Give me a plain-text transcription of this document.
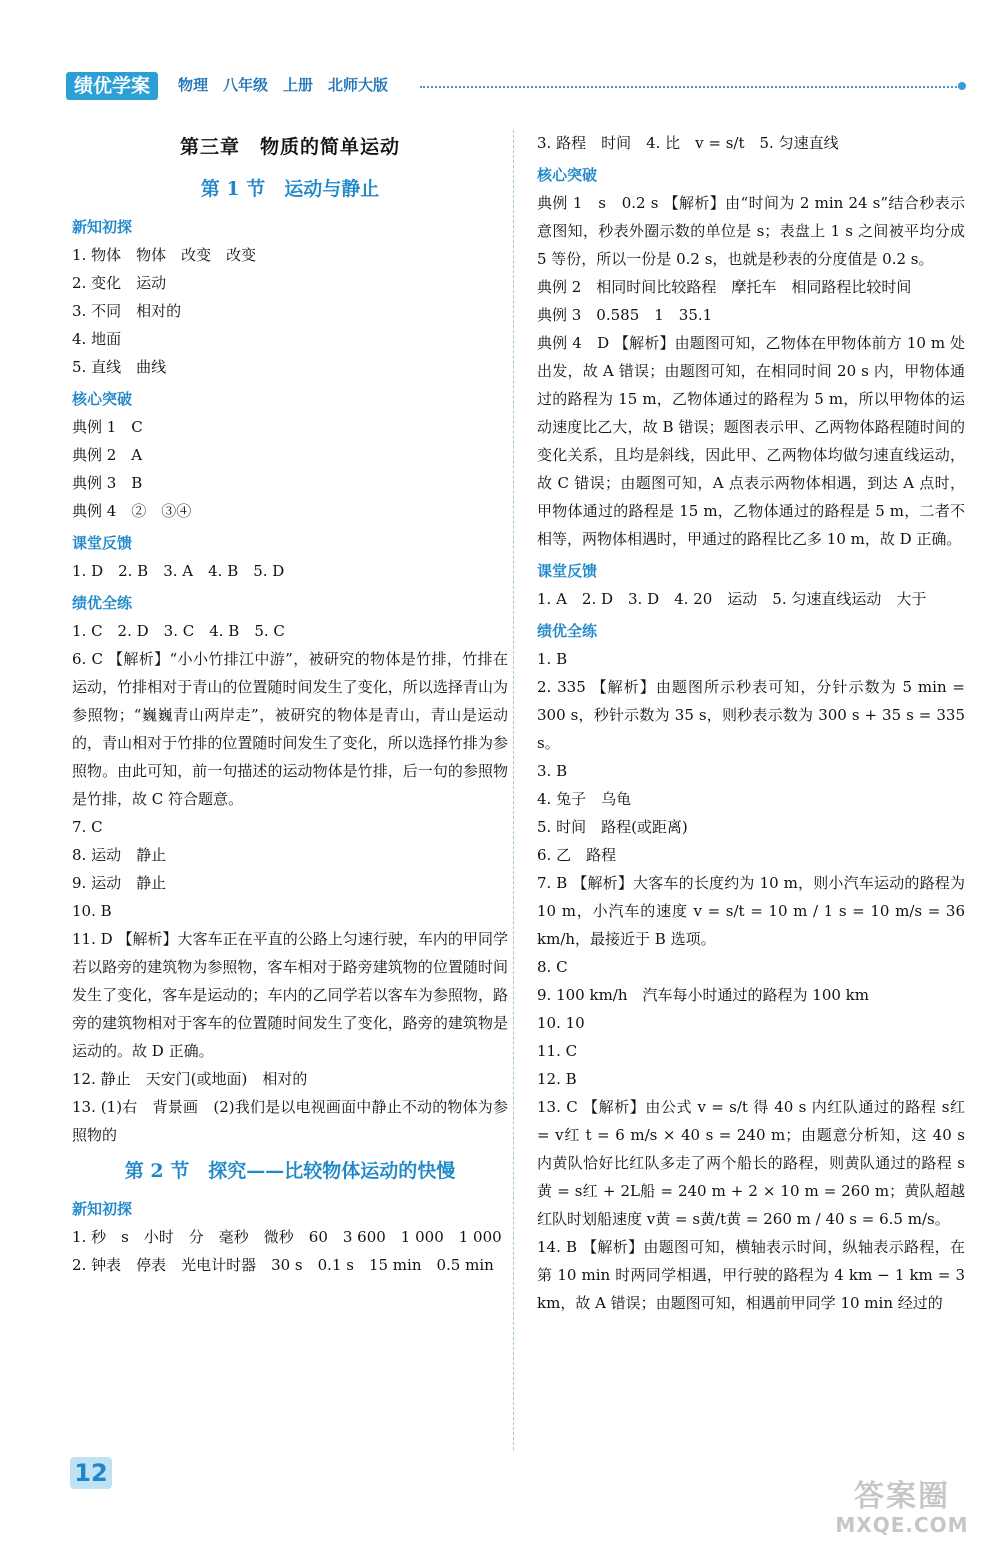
绩优学案	物理　八年级　上册　北师大版
第三章　物质的简单运动
第 1 节　运动与静止
新知初探

1. 物体　物体　改变　改变

2. 变化　运动

3. 不同　相对的

4. 地面

5. 直线　曲线

核心突破

典例 1　C

典例 2　A

典例 3　B

典例 4　②　③④

课堂反馈

1. D　2. B　3. A　4. B　5. D

绩优全练

1. C　2. D　3. C　4. B　5. C

6. C 【解析】“小小竹排江中游”，被研究的物体是竹排，竹排在运动，竹排相对于青山的位置随时间发生了变化，所以选择青山为参照物；“巍巍青山两岸走”，被研究的物体是青山，青山是运动的，青山相对于竹排的位置随时间发生了变化，所以选择竹排为参照物。由此可知，前一句描述的运动物体是竹排，后一句的参照物是竹排，故 C 符合题意。

7. C

8. 运动　静止

9. 运动　静止

10. B

11. D 【解析】大客车正在平直的公路上匀速行驶，车内的甲同学若以路旁的建筑物为参照物，客车相对于路旁建筑物的位置随时间发生了变化，客车是运动的；车内的乙同学若以客车为参照物，路旁的建筑物相对于客车的位置随时间发生了变化，路旁的建筑物是运动的。故 D 正确。

12. 静止　天安门(或地面)　相对的

13. (1)右　背景画　(2)我们是以电视画面中静止不动的物体为参照物的

第 2 节　探究——比较物体运动的快慢
新知初探

1. 秒　s　小时　分　毫秒　微秒　60　3 600　1 000　1 000

2. 钟表　停表　光电计时器　30 s　0.1 s　15 min　0.5 min

3. 路程　时间　4. 比　v = s/t　5. 匀速直线

核心突破

典例 1　s　0.2 s 【解析】由“时间为 2 min 24 s”结合秒表示意图知，秒表外圈示数的单位是 s；表盘上 1 s 之间被平均分成 5 等份，所以一份是 0.2 s，也就是秒表的分度值是 0.2 s。

典例 2　相同时间比较路程　摩托车　相同路程比较时间

典例 3　0.585　1　35.1

典例 4　D 【解析】由题图可知，乙物体在甲物体前方 10 m 处出发，故 A 错误；由题图可知，在相同时间 20 s 内，甲物体通过的路程为 15 m，乙物体通过的路程为 5 m，所以甲物体的运动速度比乙大，故 B 错误；题图表示甲、乙两物体路程随时间的变化关系，且均是斜线，因此甲、乙两物体均做匀速直线运动，故 C 错误；由题图可知，A 点表示两物体相遇，到达 A 点时，甲物体通过的路程是 15 m，乙物体通过的路程是 5 m，二者不相等，两物体相遇时，甲通过的路程比乙多 10 m，故 D 正确。

课堂反馈

1. A　2. D　3. D　4. 20　运动　5. 匀速直线运动　大于

绩优全练

1. B

2. 335 【解析】由题图所示秒表可知，分针示数为 5 min = 300 s，秒针示数为 35 s，则秒表示数为 300 s + 35 s = 335 s。

3. B

4. 兔子　乌龟

5. 时间　路程(或距离)

6. 乙　路程

7. B 【解析】大客车的长度约为 10 m，则小汽车运动的路程为 10 m，小汽车的速度 v = s/t = 10 m / 1 s = 10 m/s = 36 km/h，最接近于 B 选项。

8. C

9. 100 km/h　汽车每小时通过的路程为 100 km

10. 10

11. C

12. B

13. C 【解析】由公式 v = s/t 得 40 s 内红队通过的路程 s红 = v红 t = 6 m/s × 40 s = 240 m；由题意分析知，这 40 s 内黄队恰好比红队多走了两个船长的路程，则黄队通过的路程 s黄 = s红 + 2L船 = 240 m + 2 × 10 m = 260 m；黄队超越红队时划船速度 v黄 = s黄/t黄 = 260 m / 40 s = 6.5 m/s。

14. B 【解析】由题图可知，横轴表示时间，纵轴表示路程，在第 10 min 时两同学相遇，甲行驶的路程为 4 km − 1 km = 3 km，故 A 错误；由题图可知，相遇前甲同学 10 min 经过的

12
答案圈
MXQE.COM
